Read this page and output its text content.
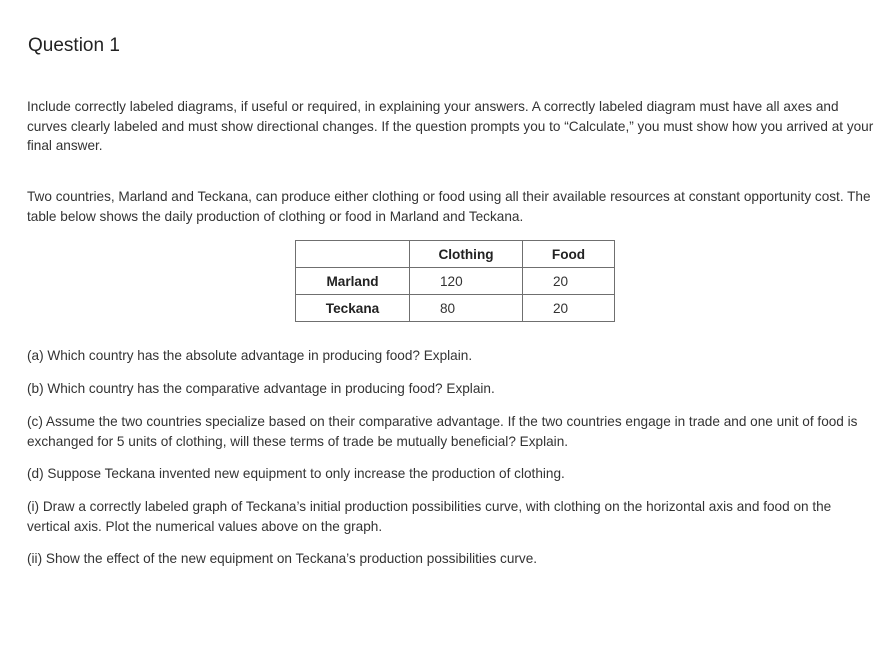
Question 1

Include correctly labeled diagrams, if useful or required, in explaining your answers. A correctly labeled diagram must have all axes and curves clearly labeled and must show directional changes. If the question prompts you to “Calculate,” you must show how you arrived at your final answer.

Two countries, Marland and Teckana, can produce either clothing or food using all their available resources at constant opportunity cost. The table below shows the daily production of clothing or food in Marland and Teckana.

	Clothing	Food
Marland	120	20
Teckana	80	20

(a) Which country has the absolute advantage in producing food? Explain.

(b) Which country has the comparative advantage in producing food? Explain.

(c) Assume the two countries specialize based on their comparative advantage. If the two countries engage in trade and one unit of food is exchanged for 5 units of clothing, will these terms of trade be mutually beneficial? Explain.

(d) Suppose Teckana invented new equipment to only increase the production of clothing.

(i) Draw a correctly labeled graph of Teckana’s initial production possibilities curve, with clothing on the horizontal axis and food on the vertical axis. Plot the numerical values above on the graph.

(ii) Show the effect of the new equipment on Teckana’s production possibilities curve.
